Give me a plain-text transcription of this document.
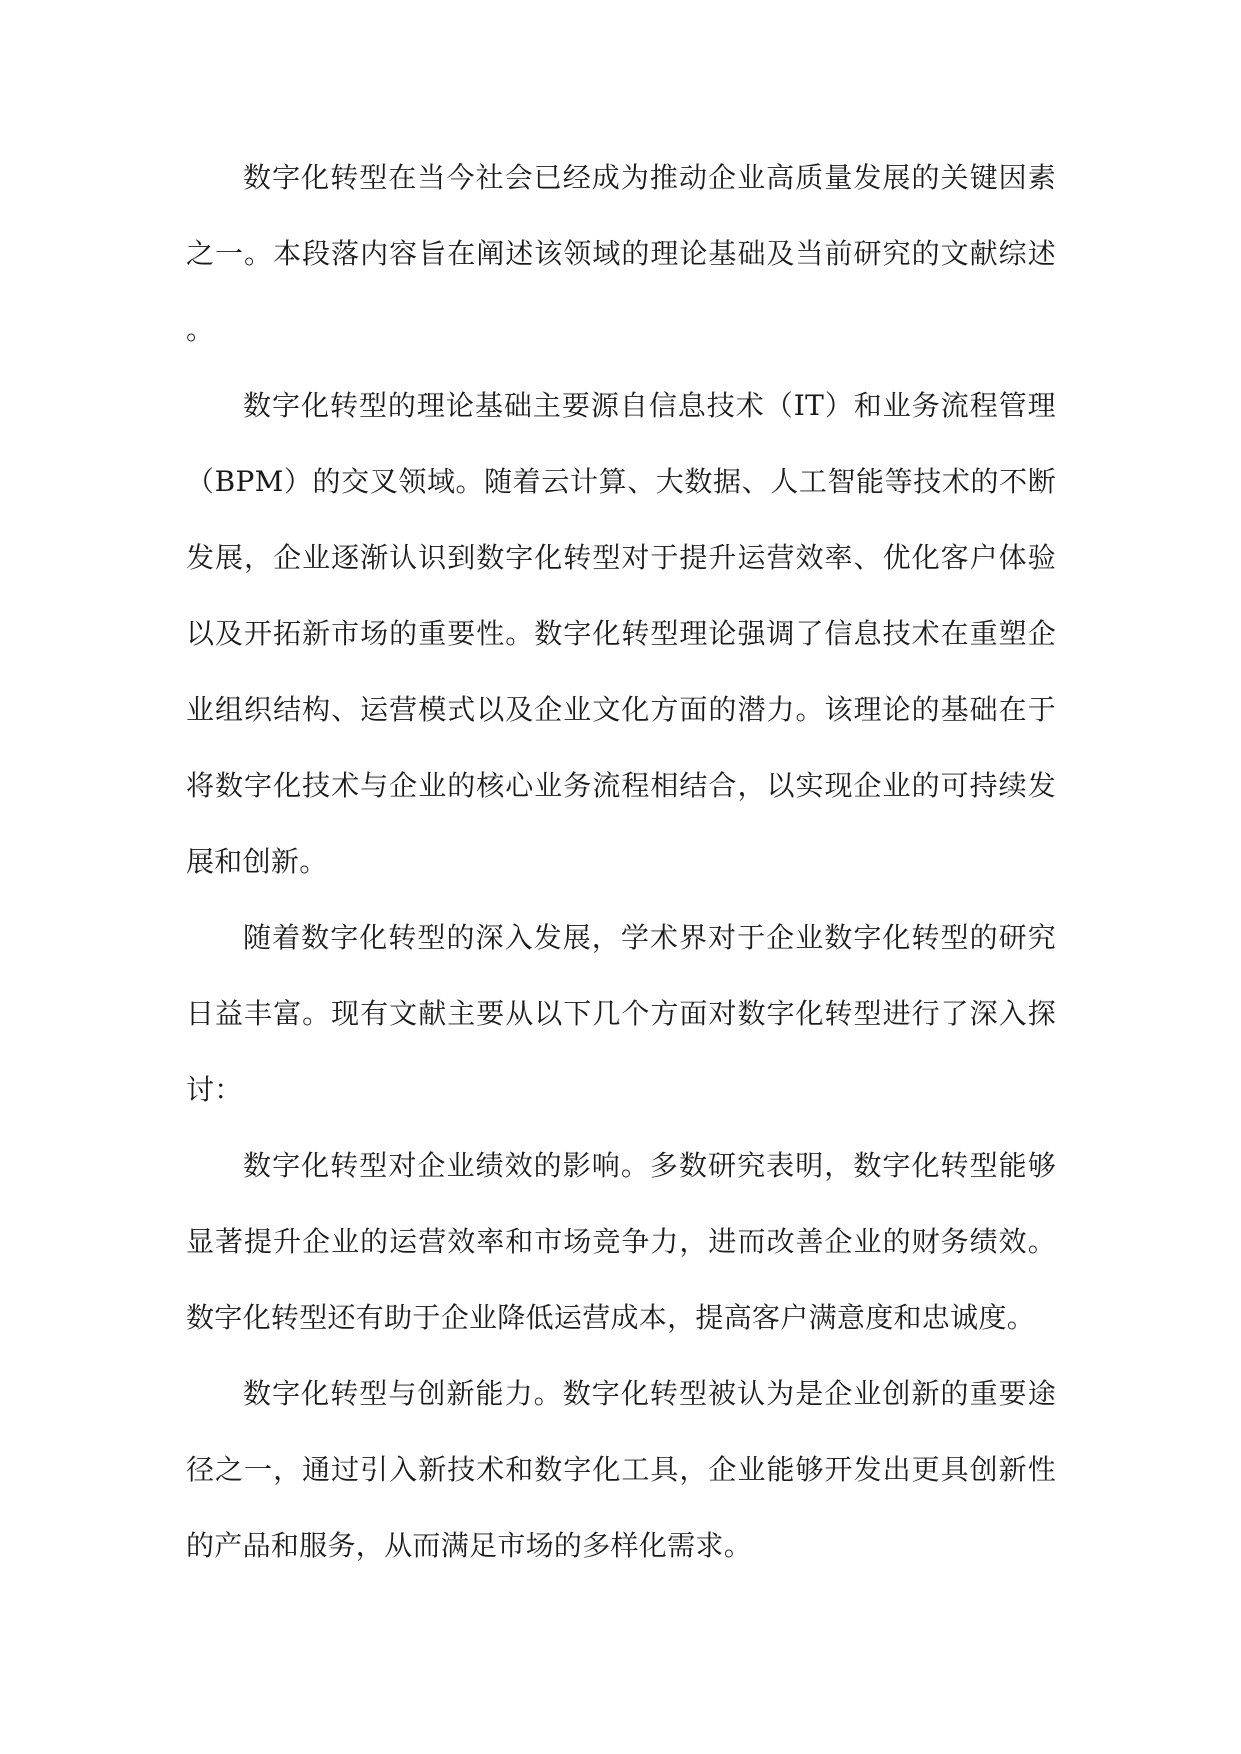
数字化转型在当今社会已经成为推动企业高质量发展的关键因素之一。本段落内容旨在阐述该领域的理论基础及当前研究的文献综述。

数字化转型的理论基础主要源自信息技术（IT）和业务流程管理（BPM）的交叉领域。随着云计算、大数据、人工智能等技术的不断发展，企业逐渐认识到数字化转型对于提升运营效率、优化客户体验以及开拓新市场的重要性。数字化转型理论强调了信息技术在重塑企业组织结构、运营模式以及企业文化方面的潜力。该理论的基础在于将数字化技术与企业的核心业务流程相结合，以实现企业的可持续发展和创新。

随着数字化转型的深入发展，学术界对于企业数字化转型的研究日益丰富。现有文献主要从以下几个方面对数字化转型进行了深入探讨：

数字化转型对企业绩效的影响。多数研究表明，数字化转型能够显著提升企业的运营效率和市场竞争力，进而改善企业的财务绩效。数字化转型还有助于企业降低运营成本，提高客户满意度和忠诚度。

数字化转型与创新能力。数字化转型被认为是企业创新的重要途径之一，通过引入新技术和数字化工具，企业能够开发出更具创新性的产品和服务，从而满足市场的多样化需求。
